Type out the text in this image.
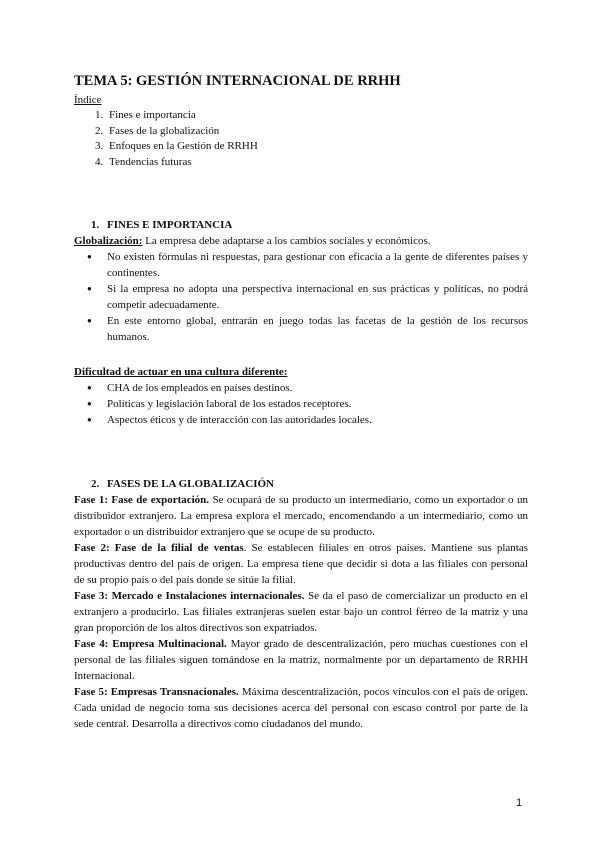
TEMA 5: GESTIÓN INTERNACIONAL DE RRHH

Índice

1. Fines e importancia
2. Fases de la globalización
3. Enfoques en la Gestión de RRHH
4. Tendencias futuras

1. FINES E IMPORTANCIA

Globalización: La empresa debe adaptarse a los cambios sociales y económicos.

● No existen fórmulas ni respuestas, para gestionar con eficacia a la gente de diferentes países y continentes.
● Si la empresa no adopta una perspectiva internacional en sus prácticas y políticas, no podrá competir adecuadamente.
● En este entorno global, entrarán en juego todas las facetas de la gestión de los recursos humanos.

Dificultad de actuar en una cultura diferente:

● CHA de los empleados en países destinos.
● Políticas y legislación laboral de los estados receptores.
● Aspectos éticos y de interacción con las autoridades locales.

2. FASES DE LA GLOBALIZACIÓN

Fase 1: Fase de exportación. Se ocupará de su producto un intermediario, como un exportador o un distribuidor extranjero. La empresa explora el mercado, encomendando a un intermediario, como un exportador o un distribuidor extranjero que se ocupe de su producto.

Fase 2: Fase de la filial de ventas. Se establecen filiales en otros países. Mantiene sus plantas productivas dentro del país de origen. La empresa tiene que decidir si dota a las filiales con personal de su propio país o del país donde se sitúe la filial.

Fase 3: Mercado e Instalaciones internacionales. Se da el paso de comercializar un producto en el extranjero a producirlo. Las filiales extranjeras suelen estar bajo un control férreo de la matriz y una gran proporción de los altos directivos son expatriados.

Fase 4: Empresa Multinacional. Mayor grado de descentralización, pero muchas cuestiones con el personal de las filiales siguen tomándose en la matriz, normalmente por un departamento de RRHH Internacional.

Fase 5: Empresas Transnacionales. Máxima descentralización, pocos vínculos con el país de origen. Cada unidad de negocio toma sus decisiones acerca del personal con escaso control por parte de la sede central. Desarrolla a directivos como ciudadanos del mundo.

1
